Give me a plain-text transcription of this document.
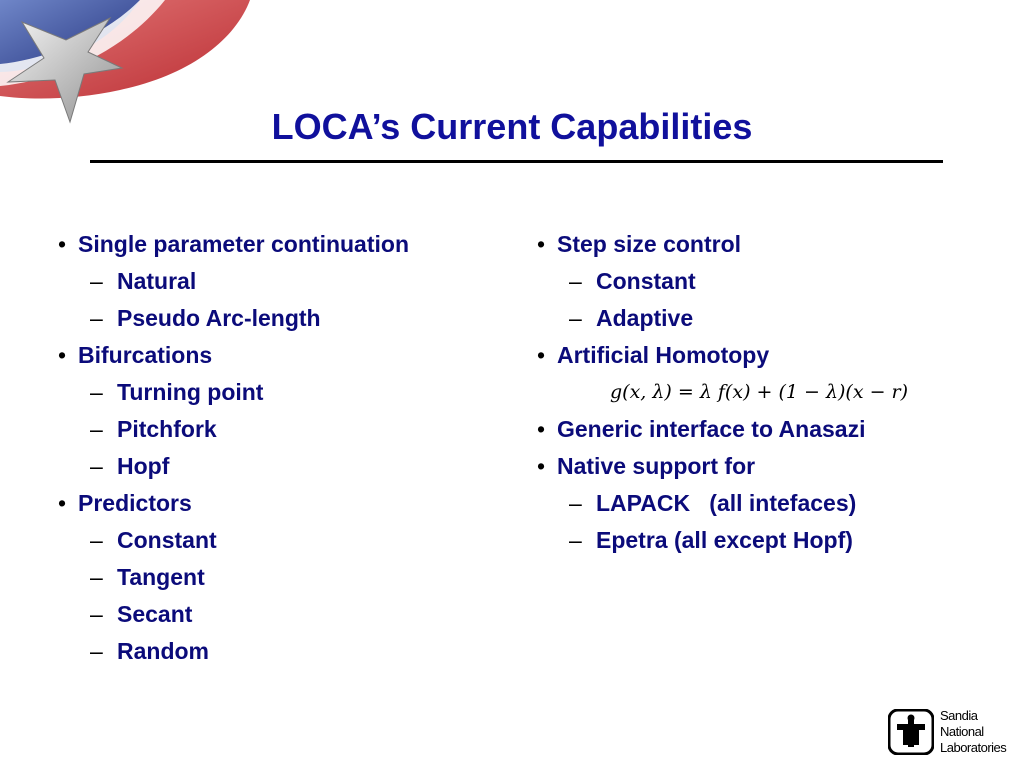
LOCA’s Current Capabilities
• Single parameter continuation
– Natural
– Pseudo Arc-length
• Bifurcations
– Turning point
– Pitchfork
– Hopf
• Predictors
– Constant
– Tangent
– Secant
– Random
• Step size control
– Constant
– Adaptive
• Artificial Homotopy
g(x, λ) = λ f(x) + (1 − λ)(x − r)
• Generic interface to Anasazi
• Native support for
– LAPACK   (all intefaces)
– Epetra (all except Hopf)
Sandia
National
Laboratories
